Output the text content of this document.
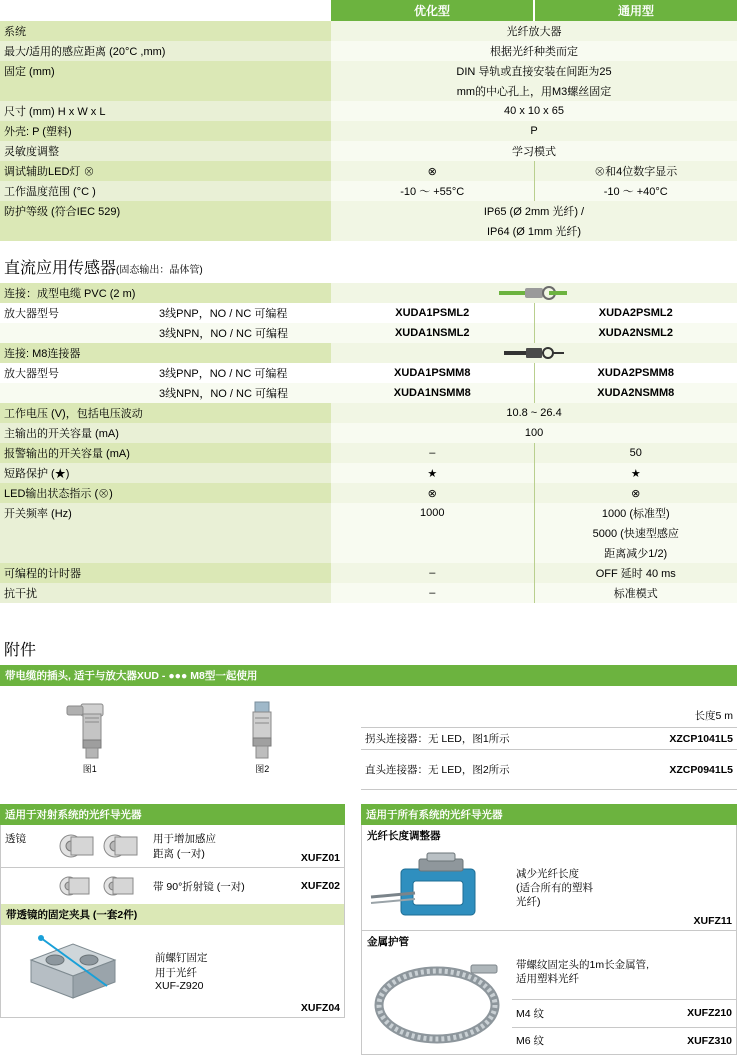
	优化型	通用型
系统	光纤放大器	
最大/适用的感应距离 (20°C ,mm)	根据光纤种类而定	
固定 (mm)	DIN 导轨或直接安装在间距为25	
	mm的中心孔上，用M3螺丝固定	
尺寸 (mm) H x W x L	40 x 10 x 65	
外壳: P (塑料)	P	
灵敏度调整	学习模式	
调试辅助LED灯 ⊗	⊗	⊗和4位数字显示
工作温度范围 (°C )	-10 ～ +55°C	-10 ～ +40°C
防护等级 (符合IEC 529)	IP65 (Ø 2mm 光纤) /	
	IP64 (Ø 1mm 光纤)	
直流应用传感器(固态输出：晶体管)
连接：成型电缆 PVC (2 m)	

放大器型号	3线PNP，NO / NC 可编程	XUDA1PSML2	XUDA2PSML2
	3线NPN，NO / NC 可编程	XUDA1NSML2	XUDA2NSML2
连接: M8连接器	

放大器型号	3线PNP，NO / NC 可编程	XUDA1PSMM8	XUDA2PSMM8
	3线NPN，NO / NC 可编程	XUDA1NSMM8	XUDA2NSMM8
工作电压 (V)，包括电压波动	10.8 ~ 26.4	
主输出的开关容量 (mA)	100	
报警输出的开关容量 (mA)	–	50
短路保护 (★)	★	★
LED输出状态指示 (⊗)	⊗	⊗
开关频率 (Hz)	1000	1000 (标准型)
		5000 (快速型感应
		距离减少1/2)
可编程的计时器	–	OFF 延时 40 ms
抗干扰	–	标准模式
附件
带电缆的插头, 适于与放大器XUD - ●●● M8型一起使用
图1	图2
长度5 m
拐头连接器：无 LED，图1所示	XZCP1041L5
直头连接器：无 LED，图2所示	XZCP0941L5
适用于对射系统的光纤导光器
透镜		用于增加感应
距离 (一对)	XUFZ01

	带 90°折射镜 (一对)	XUFZ02
带透镜的固定夹具 (一套2件)

前螺钉固定
用于光纤
XUF-Z920
	XUFZ04
适用于所有系统的光纤导光器
光纤长度调整器

减少光纤长度
(适合所有的塑料
光纤)
	XUFZ11
金属护管

带螺纹固定头的1m长金属管,
适用塑料光纤	

	M4 纹	XUFZ210
	M6 纹	XUFZ310
